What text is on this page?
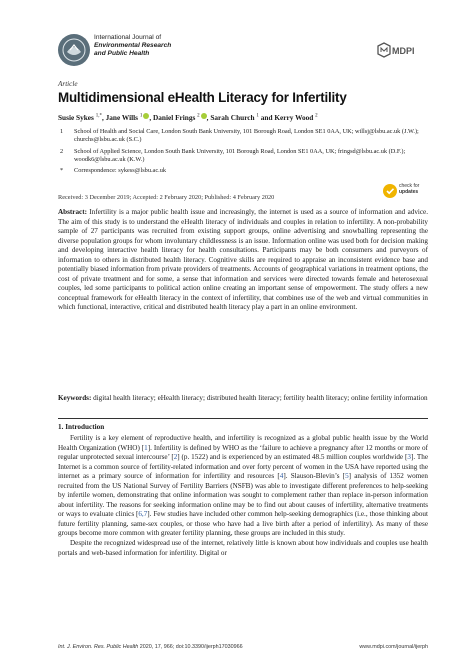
International Journal of
Environmental Research
and Public Health	MDPI
Article
Multidimensional eHealth Literacy for Infertility
Susie Sykes $^{1,*}$, Jane Wills $^1$ , Daniel Frings $^2$ , Sarah Church $^1$ and Kerry Wood $^2$
1 School of Health and Social Care, London South Bank University, 101 Borough Road, London SE1 0AA, UK; willsj@lsbu.ac.uk (J.W.); churchs@lsbu.ac.uk (S.C.)
2 School of Applied Science, London South Bank University, 101 Borough Road, London SE1 0AA, UK; fringsd@lsbu.ac.uk (D.F.); woodk6@lsbu.ac.uk (K.W.)
* Correspondence: sykess@lsbu.ac.uk
Received: 3 December 2019; Accepted: 2 February 2020; Published: 4 February 2020
check for
updates

Abstract: Infertility is a major public health issue and increasingly, the internet is used as a source of information and advice. The aim of this study is to understand the eHealth literacy of individuals and couples in relation to infertility. A non-probability sample of 27 participants was recruited from existing support groups, online advertising and snowballing representing the diverse population groups for whom involuntary childlessness is an issue. Information online was used both for decision making and developing interactive health literacy for health consultations. Participants may be both consumers and purveyors of information to others in distributed health literacy. Cognitive skills are required to appraise an inconsistent evidence base and potentially biased information from private providers of treatments. Accounts of geographical variations in treatment options, the cost of private treatment and for some, a sense that information and services were directed towards female and heterosexual couples, led some participants to political action online creating an important sense of empowerment. The study offers a new conceptual framework for eHealth literacy in the context of infertility, that combines use of the web and virtual communities in which functional, interactive, critical and distributed health literacy play a part in an online environment.

Keywords: digital health literacy; eHealth literacy; distributed health literacy; fertility health literacy; online fertility information

1. Introduction

Fertility is a key element of reproductive health, and infertility is recognized as a global public health issue by the World Health Organization (WHO) [1]. Infertility is defined by WHO as the ‘failure to achieve a pregnancy after 12 months or more of regular unprotected sexual intercourse’ [2] (p. 1522) and is experienced by an estimated 48.5 million couples worldwide [3]. The Internet is a common source of fertility-related information and over forty percent of women in the USA have reported using the internet as a primary source of information for infertility and resources [4]. Slauson-Blevin’s [5] analysis of 1352 women recruited from the US National Survey of Fertility Barriers (NSFB) was able to investigate different preferences to help-seeking by infertile women, demonstrating that online information was sought to complement rather than replace in-person information about infertility. The reasons for seeking information online may be to find out about causes of infertility, alternative treatments or ways to evaluate clinics [6,7]. Few studies have included other common help-seeking demographics (i.e., those thinking about future fertility planning, same-sex couples, or those who have had a live birth after a period of infertility). As many of these groups become more common with greater fertility planning, these groups are included in this study.

Despite the recognized widespread use of the internet, relatively little is known about how individuals and couples use health portals and web-based information for infertility. Digital or

Int. J. Environ. Res. Public Health 2020, 17, 966; doi:10.3390/ijerph17030966	www.mdpi.com/journal/ijerph
